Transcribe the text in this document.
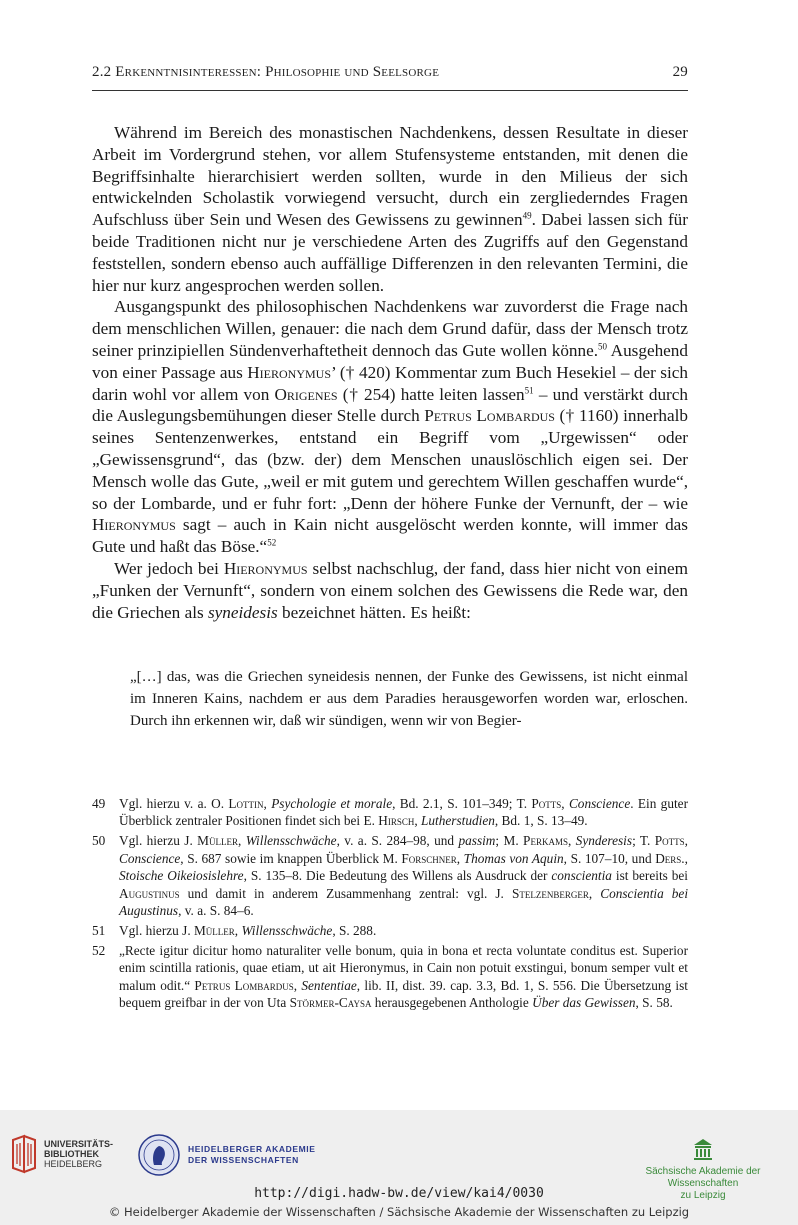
2.2 Erkenntnisinteressen: Philosophie und Seelsorge	29

Während im Bereich des monastischen Nachdenkens, dessen Resultate in dieser Arbeit im Vordergrund stehen, vor allem Stufensysteme entstanden, mit denen die Begriffsinhalte hierarchisiert werden sollten, wurde in den Milieus der sich entwickelnden Scholastik vorwiegend versucht, durch ein zergliederndes Fragen Aufschluss über Sein und Wesen des Gewissens zu gewinnen$^{49}$. Dabei lassen sich für beide Traditionen nicht nur je verschiedene Arten des Zugriffs auf den Gegenstand feststellen, sondern ebenso auch auffällige Differenzen in den relevanten Termini, die hier nur kurz angesprochen werden sollen.

Ausgangspunkt des philosophischen Nachdenkens war zuvorderst die Frage nach dem menschlichen Willen, genauer: die nach dem Grund dafür, dass der Mensch trotz seiner prinzipiellen Sündenverhaftetheit dennoch das Gute wollen könne.$^{50}$ Ausgehend von einer Passage aus Hieronymus’ († 420) Kommentar zum Buch Hesekiel – der sich darin wohl vor allem von Origenes († 254) hatte leiten lassen$^{51}$ – und verstärkt durch die Auslegungsbemühungen dieser Stelle durch Petrus Lombardus († 1160) innerhalb seines Sentenzenwerkes, entstand ein Begriff vom „Urgewissen“ oder „Gewissensgrund“, das (bzw. der) dem Menschen unauslöschlich eigen sei. Der Mensch wolle das Gute, „weil er mit gutem und gerechtem Willen geschaffen wurde“, so der Lombarde, und er fuhr fort: „Denn der höhere Funke der Vernunft, der – wie Hieronymus sagt – auch in Kain nicht ausgelöscht werden konnte, will immer das Gute und haßt das Böse.“$^{52}$

Wer jedoch bei Hieronymus selbst nachschlug, der fand, dass hier nicht von einem „Funken der Vernunft“, sondern von einem solchen des Gewissens die Rede war, den die Griechen als syneidesis bezeichnet hätten. Es heißt:

„[…] das, was die Griechen syneidesis nennen, der Funke des Gewissens, ist nicht einmal im Inneren Kains, nachdem er aus dem Paradies herausgeworfen worden war, erloschen. Durch ihn erkennen wir, daß wir sündigen, wenn wir von Begier-
49	Vgl. hierzu v. a. O. Lottin, Psychologie et morale, Bd. 2.1, S. 101–349; T. Potts, Conscience. Ein guter Überblick zentraler Positionen findet sich bei E. Hirsch, Lutherstudien, Bd. 1, S. 13–49.
50	Vgl. hierzu J. Müller, Willensschwäche, v. a. S. 284–98, und passim; M. Perkams, Synderesis; T. Potts, Conscience, S. 687 sowie im knappen Überblick M. Forschner, Thomas von Aquin, S. 107–10, und Ders., Stoische Oikeiosislehre, S. 135–8. Die Bedeutung des Willens als Ausdruck der conscientia ist bereits bei Augustinus und damit in anderem Zusammenhang zentral: vgl. J. Stelzenberger, Conscientia bei Augustinus, v. a. S. 84–6.
51	Vgl. hierzu J. Müller, Willensschwäche, S. 288.
52	„Recte igitur dicitur homo naturaliter velle bonum, quia in bona et recta voluntate conditus est. Superior enim scintilla rationis, quae etiam, ut ait Hieronymus, in Cain non potuit exstingui, bonum semper vult et malum odit.“ Petrus Lombardus, Sententiae, lib. II, dist. 39. cap. 3.3, Bd. 1, S. 556. Die Übersetzung ist bequem greifbar in der von Uta Störmer-Caysa herausgegebenen Anthologie Über das Gewissen, S. 58.
UNIVERSITÄTS-
BIBLIOTHEK
HEIDELBERG
HEIDELBERGER AKADEMIE
DER WISSENSCHAFTEN
Sächsische Akademie der Wissenschaften
zu Leipzig
http://digi.hadw-bw.de/view/kai4/0030
© Heidelberger Akademie der Wissenschaften / Sächsische Akademie der Wissenschaften zu Leipzig
